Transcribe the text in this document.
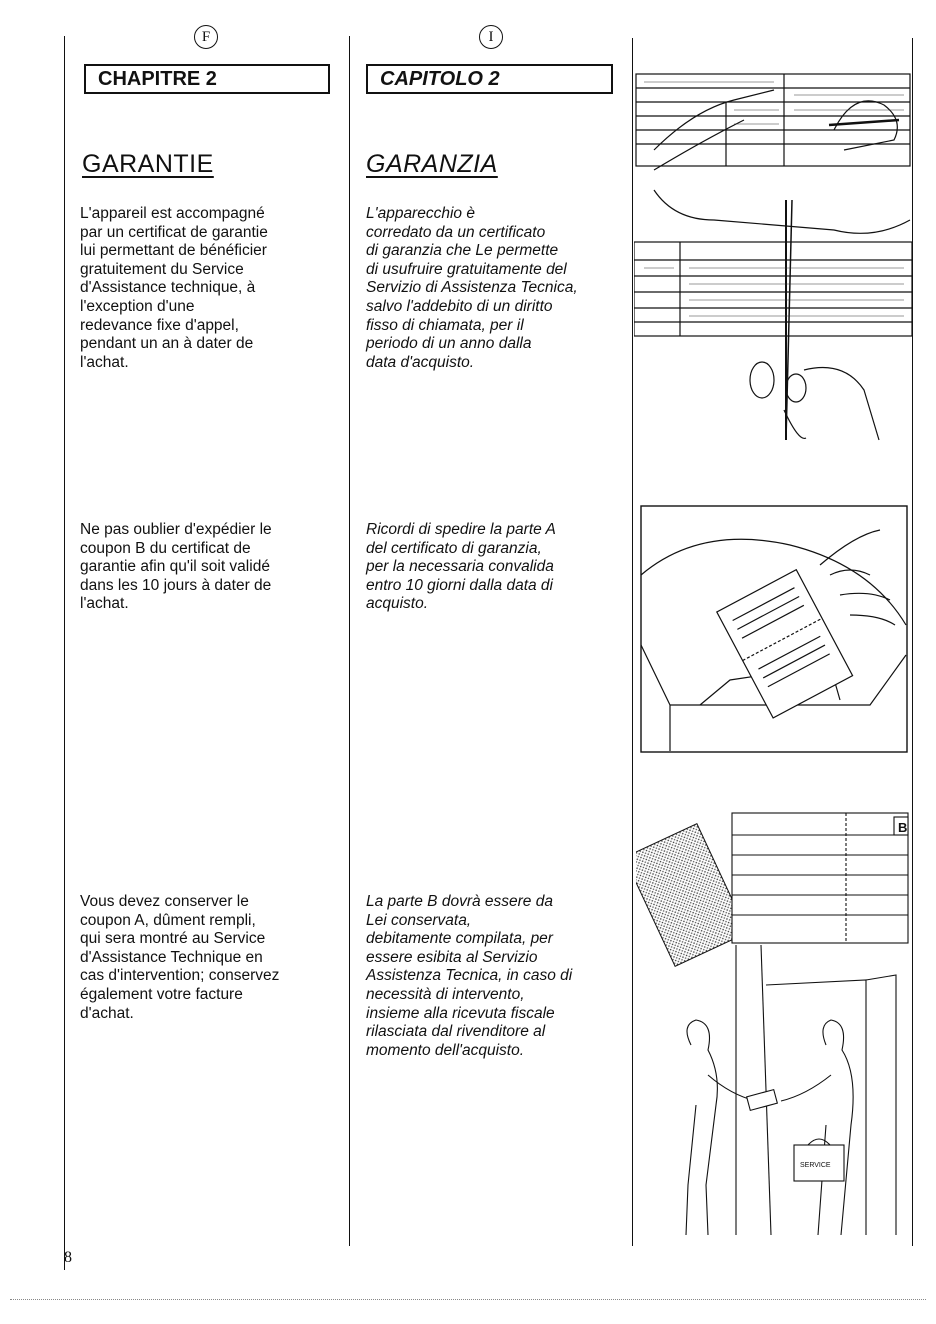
F
CHAPITRE 2
GARANTIE
L'appareil est accompagné
par un certificat de garantie
lui permettant de bénéficier
gratuitement du Service
d'Assistance technique, à
l'exception d'une
redevance fixe d'appel,
pendant un an à dater de
l'achat.
Ne pas oublier d'expédier le
coupon B du certificat de
garantie afin qu'il soit validé
dans les 10 jours à dater de
l'achat.
Vous devez conserver le
coupon A, dûment rempli,
qui sera montré au Service
d'Assistance Technique en
cas d'intervention; conservez
également votre facture
d'achat.
I
CAPITOLO 2
GARANZIA
L'apparecchio è
corredato da un certificato
di garanzia che Le permette
di usufruire gratuitamente del
Servizio di Assistenza Tecnica,
salvo l'addebito di un diritto
fisso di chiamata, per il
periodo di un anno dalla
data d'acquisto.
Ricordi di spedire la parte A
del certificato di garanzia,
per la necessaria convalida
entro 10 giorni dalla data di
acquisto.
La parte B dovrà essere da
Lei conservata,
debitamente compilata, per
essere esibita al Servizio
Assistenza Tecnica, in caso di
necessità di intervento,
insieme alla ricevuta fiscale
rilasciata dal rivenditore al
momento dell'acquisto.
B
SERVICE
8
